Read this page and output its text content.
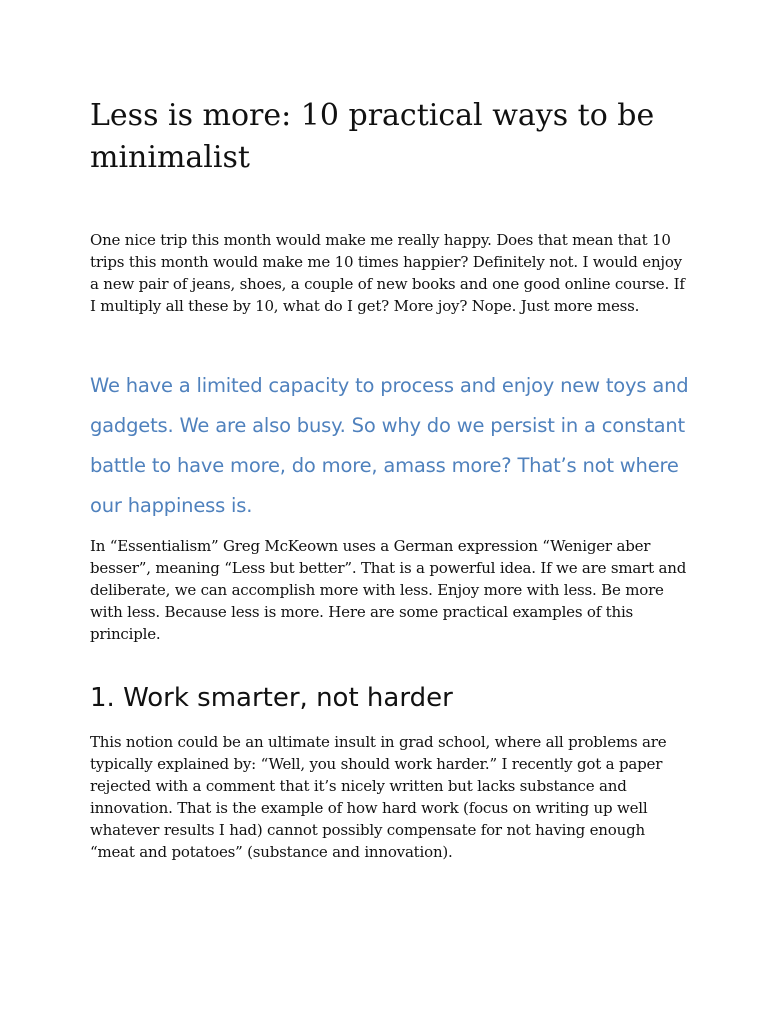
Less is more: 10 practical ways to be minimalist

One nice trip this month would make me really happy. Does that mean that 10 trips this month would make me 10 times happier? Definitely not. I would enjoy a new pair of jeans, shoes, a couple of new books and one good online course. If I multiply all these by 10, what do I get? More joy? Nope. Just more mess.

We have a limited capacity to process and enjoy new toys and gadgets. We are also busy. So why do we persist in a constant battle to have more, do more, amass more? That’s not where our happiness is.

In “Essentialism” Greg McKeown uses a German expression “Weniger aber besser”, meaning “Less but better”. That is a powerful idea. If we are smart and deliberate, we can accomplish more with less. Enjoy more with less. Be more with less. Because less is more. Here are some practical examples of this principle.

1. Work smarter, not harder

This notion could be an ultimate insult in grad school, where all problems are typically explained by: “Well, you should work harder.” I recently got a paper rejected with a comment that it’s nicely written but lacks substance and innovation. That is the example of how hard work (focus on writing up well whatever results I had) cannot possibly compensate for not having enough “meat and potatoes” (substance and innovation).
